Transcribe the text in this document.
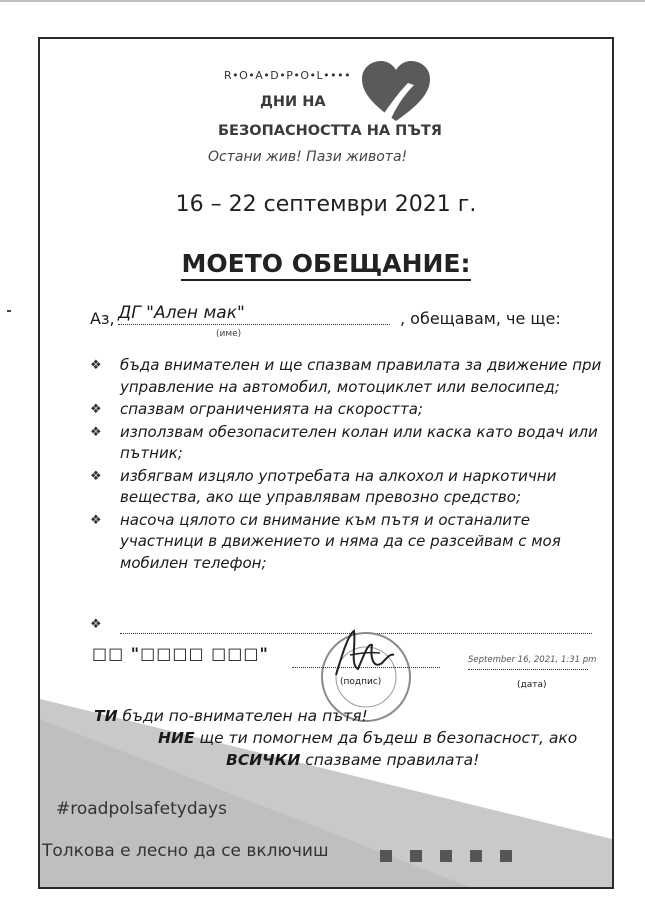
R•O•A•D•P•O•L••••
ДНИ НА
БЕЗОПАСНОСТТА НА ПЪТЯ
Остани жив! Пази живота!
16 – 22 септември 2021 г.
МОЕТО ОБЕЩАНИЕ:
Аз, ДГ "Ален мак"
(име)
, обещавам, че ще:
❖ бъда внимателен и ще спазвам правилата за движение при управление на автомобил, мотоциклет или велосипед;
❖ спазвам ограниченията на скоростта;
❖ използвам обезопасителен колан или каска като водач или пътник;
❖ избягвам изцяло употребата на алкохол и наркотични вещества, ако ще управлявам превозно средство;
❖ насоча цялото си внимание към пътя и останалите участници в движението и няма да се разсейвам с моя мобилен телефон;
❖
□□ "□□□□ □□□"
(подпис)
September 16, 2021, 1:31 pm
(дата)
ТИ бъди по-внимателен на пътя!
НИЕ ще ти помогнем да бъдеш в безопасност, ако
ВСИЧКИ спазваме правилата!
#roadpolsafetydays
Толкова е лесно да се включиш
